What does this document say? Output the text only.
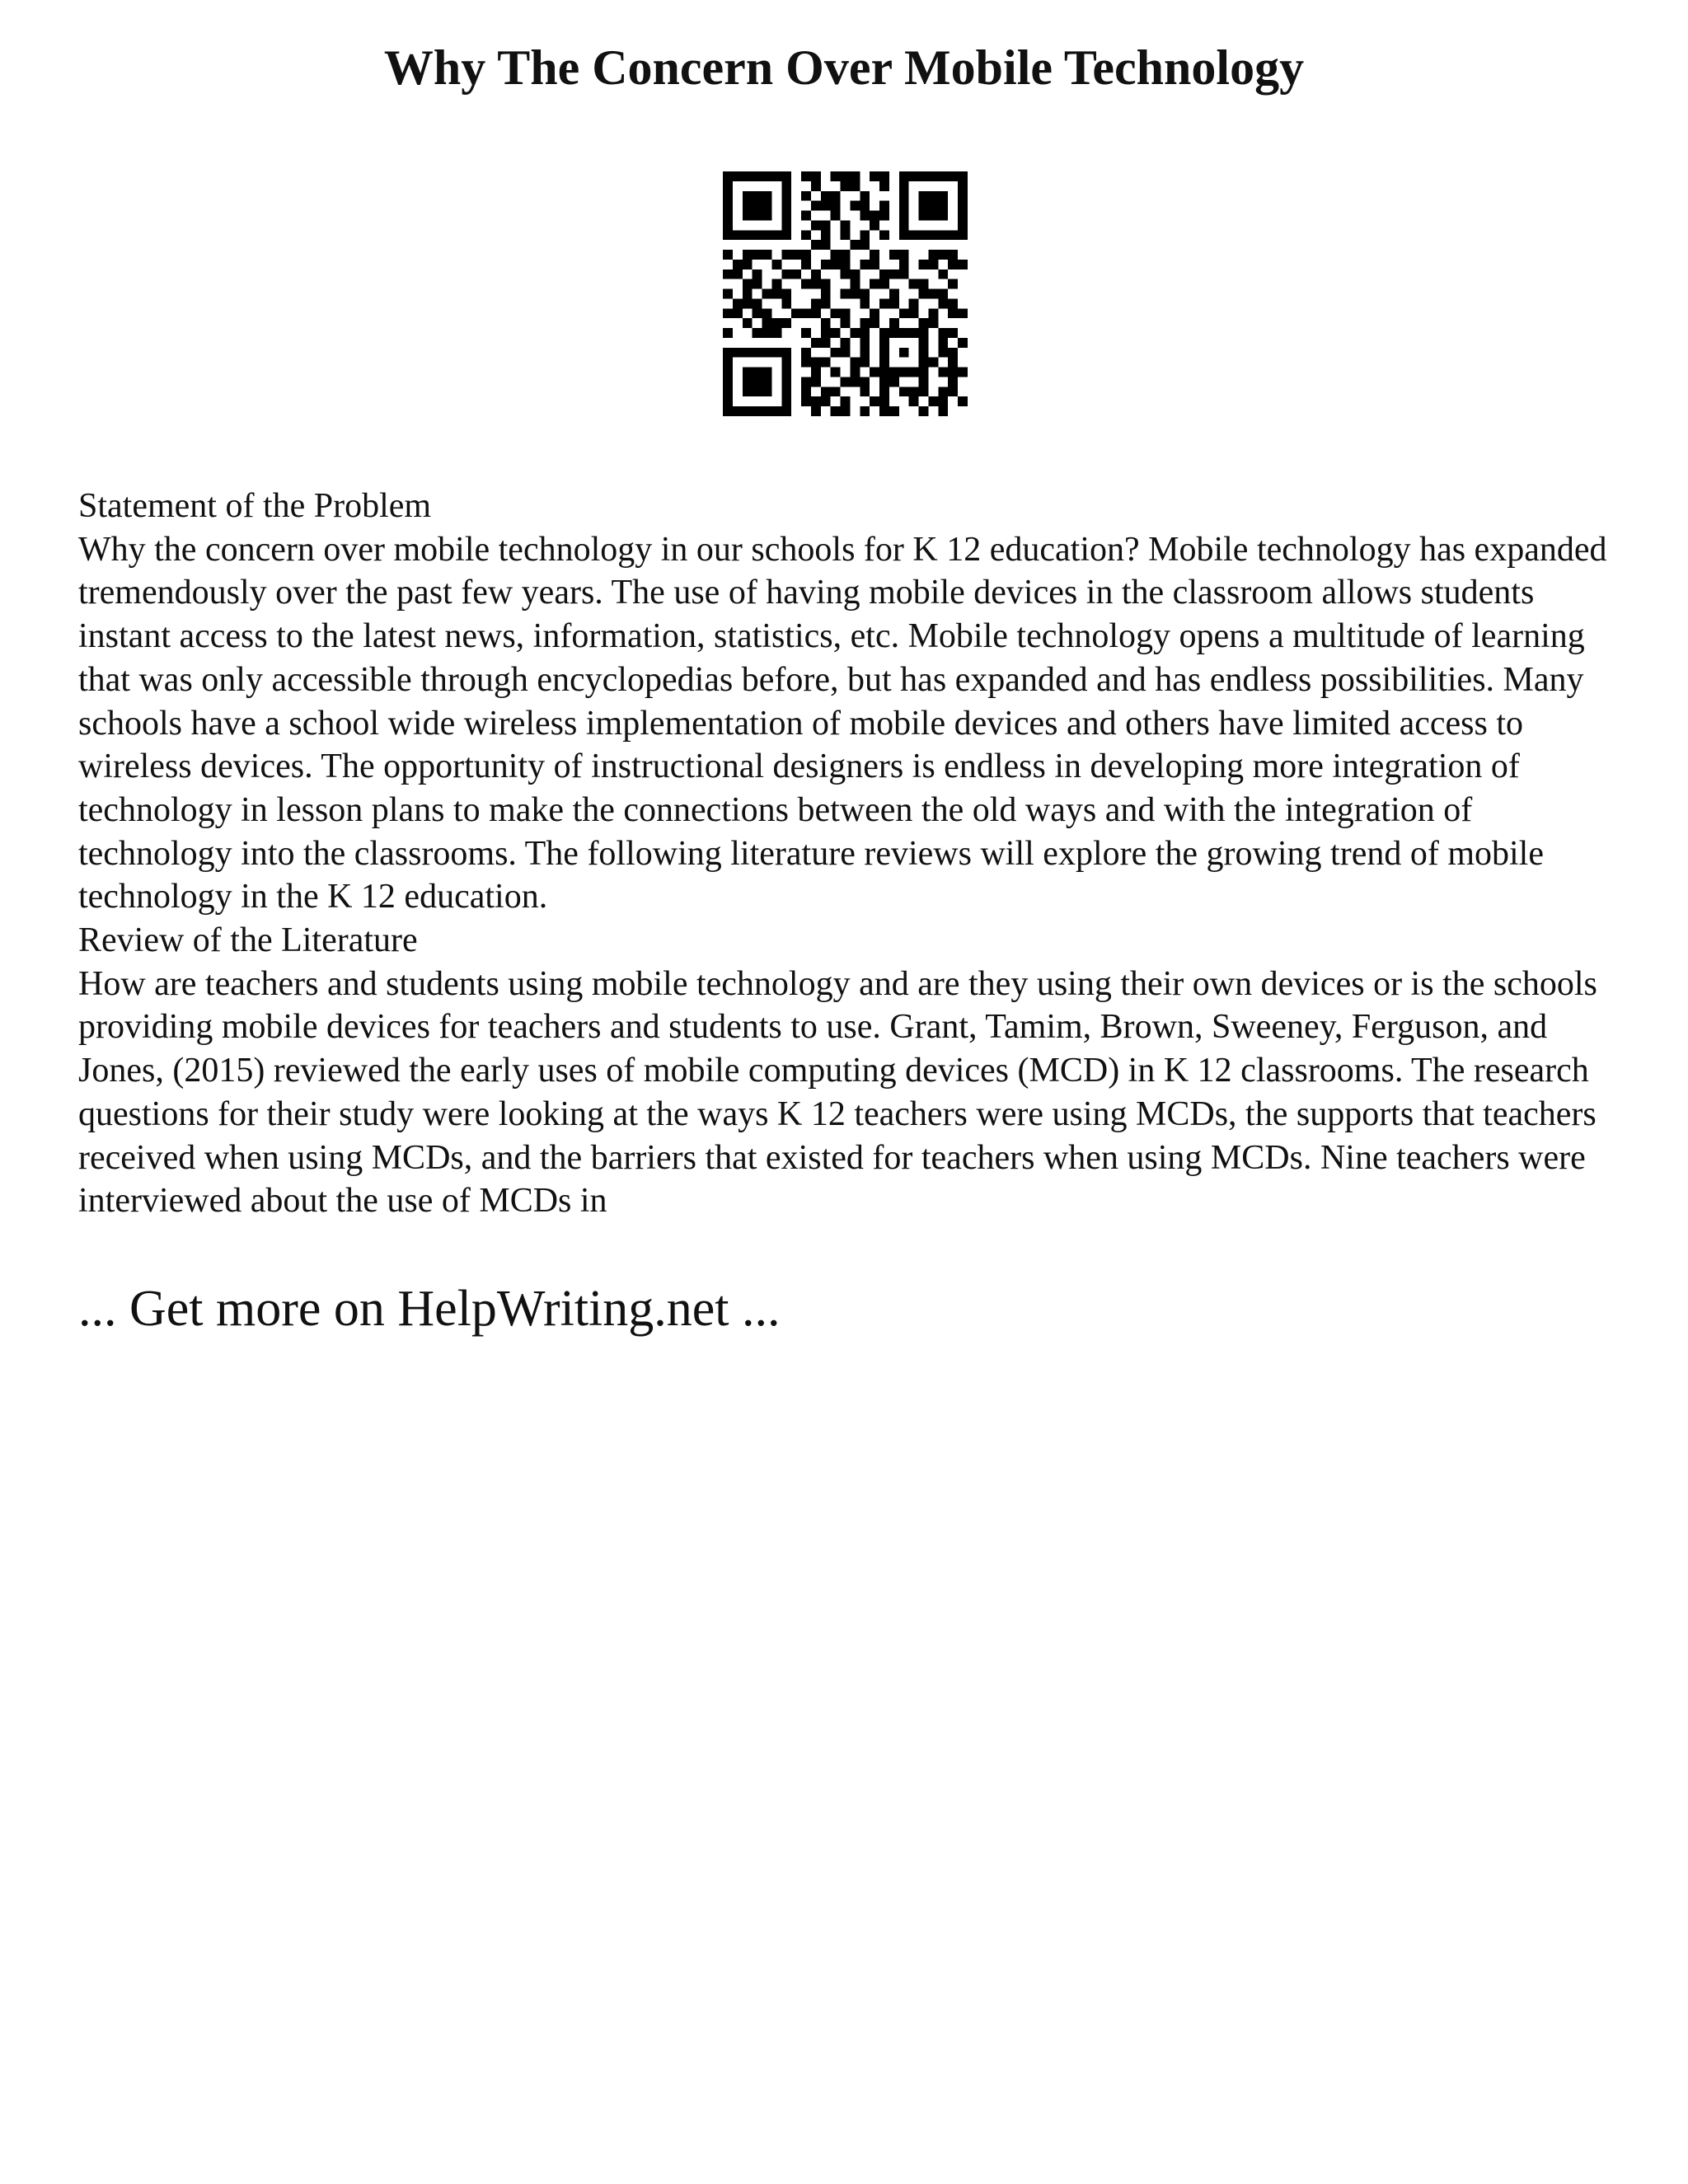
Why The Concern Over Mobile Technology

Statement of the Problem

Why the concern over mobile technology in our schools for K 12 education? Mobile technology has expanded tremendously over the past few years. The use of having mobile devices in the classroom allows students instant access to the latest news, information, statistics, etc. Mobile technology opens a multitude of learning that was only accessible through encyclopedias before, but has expanded and has endless possibilities. Many schools have a school wide wireless implementation of mobile devices and others have limited access to wireless devices. The opportunity of instructional designers is endless in developing more integration of technology in lesson plans to make the connections between the old ways and with the integration of technology into the classrooms. The following literature reviews will explore the growing trend of mobile technology in the K 12 education.

Review of the Literature

How are teachers and students using mobile technology and are they using their own devices or is the schools providing mobile devices for teachers and students to use. Grant, Tamim, Brown, Sweeney, Ferguson, and Jones, (2015) reviewed the early uses of mobile computing devices (MCD) in K 12 classrooms. The research questions for their study were looking at the ways K 12 teachers were using MCDs, the supports that teachers received when using MCDs, and the barriers that existed for teachers when using MCDs. Nine teachers were interviewed about the use of MCDs in

... Get more on HelpWriting.net ...
